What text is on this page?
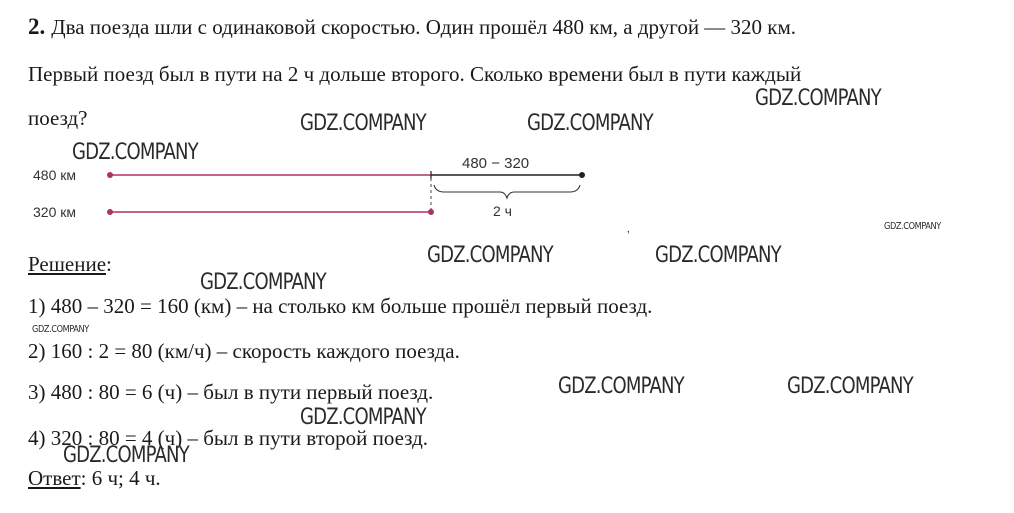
2. Два поезда шли с одинаковой скоростью. Один прошёл 480 км, а другой — 320 км.
Первый поезд был в пути на 2 ч дольше второго. Сколько времени был в пути каждый
поезд?
480 км
320 км
480 − 320
2 ч
‚
Решение:
1) 480 – 320 = 160 (км) – на столько км больше прошёл первый поезд.
2) 160 : 2 = 80 (км/ч) – скорость каждого поезда.
3) 480 : 80 = 6 (ч) – был в пути первый поезд.
4) 320 : 80 = 4 (ч) – был в пути второй поезд.
Ответ: 6 ч; 4 ч.
GDZ.COMPANY
GDZ.COMPANY	GDZ.COMPANY
GDZ.COMPANY
GDZ.COMPANY
GDZ.COMPANY	GDZ.COMPANY
GDZ.COMPANY
GDZ.COMPANY
GDZ.COMPANY	GDZ.COMPANY
GDZ.COMPANY
GDZ.COMPANY
